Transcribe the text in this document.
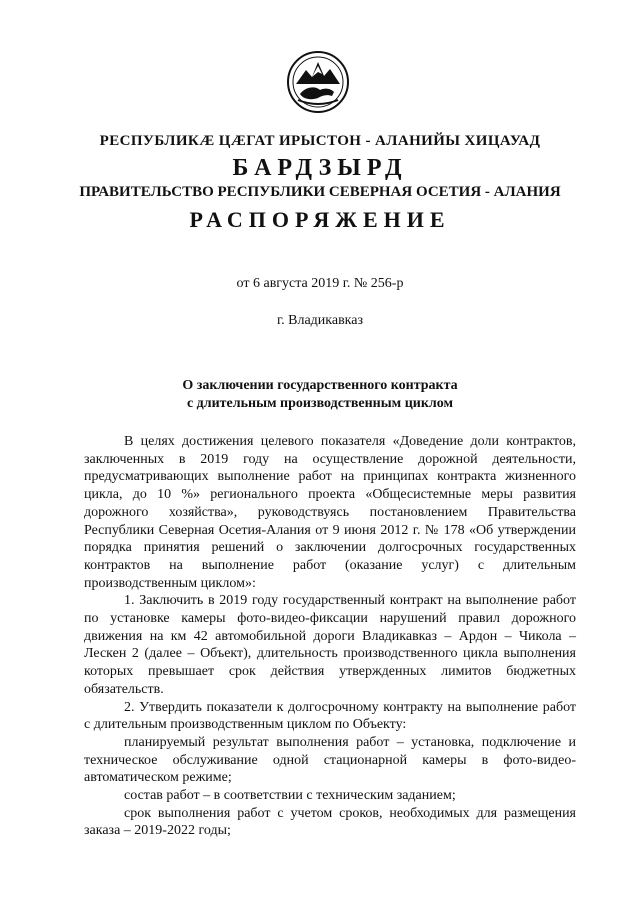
РЕСПУБЛИКӔ ЦӔГАТ ИРЫСТОН - АЛАНИЙЫ ХИЦАУАД
БАРДЗЫРД
ПРАВИТЕЛЬСТВО РЕСПУБЛИКИ СЕВЕРНАЯ ОСЕТИЯ - АЛАНИЯ
РАСПОРЯЖЕНИЕ
от 6 августа 2019 г. № 256-р
г. Владикавказ
О заключении государственного контракта
с длительным производственным циклом

В целях достижения целевого показателя «Доведение доли контрактов, заключенных в 2019 году на осуществление дорожной деятельности, предусматривающих выполнение работ на принципах контракта жизненного цикла, до 10 %» регионального проекта «Общесистемные меры развития дорожного хозяйства», руководствуясь постановлением Правительства Республики Северная Осетия-Алания от 9 июня 2012 г. № 178 «Об утверждении порядка принятия решений о заключении долгосрочных государственных контрактов на выполнение работ (оказание услуг) с длительным производственным циклом»:

1. Заключить в 2019 году государственный контракт на выполнение работ по установке камеры фото-видео-фиксации нарушений правил дорожного движения на км 42 автомобильной дороги Владикавказ – Ардон – Чикола – Лескен 2 (далее – Объект), длительность производственного цикла выполнения которых превышает срок действия утвержденных лимитов бюджетных обязательств.

2. Утвердить показатели к долгосрочному контракту на выполнение работ с длительным производственным циклом по Объекту:

планируемый результат выполнения работ – установка, подключение и техническое обслуживание одной стационарной камеры в фото-видео-автоматическом режиме;

состав работ – в соответствии с техническим заданием;

срок выполнения работ с учетом сроков, необходимых для размещения заказа – 2019-2022 годы;
